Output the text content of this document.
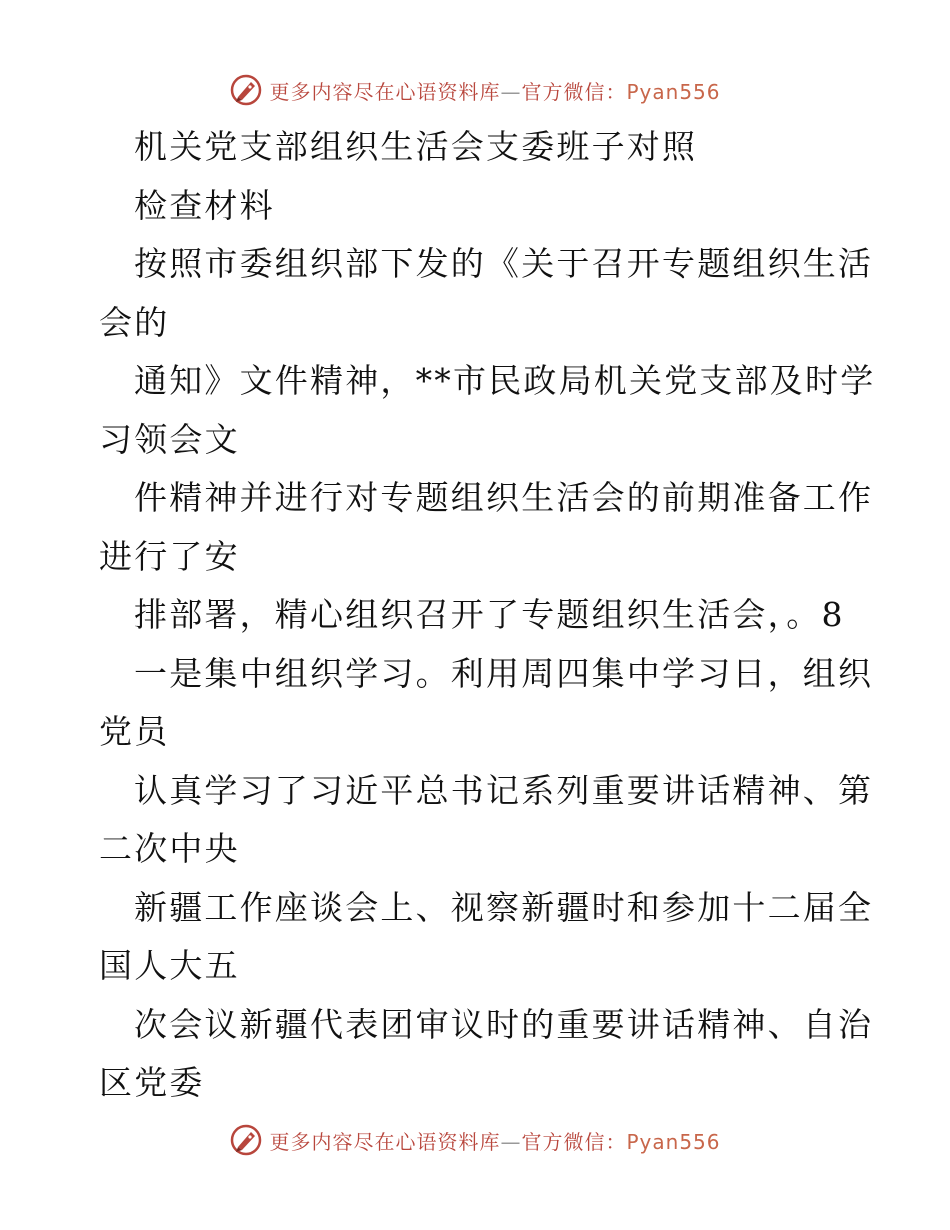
更多内容尽在心语资料库—官方微信：Pyan556
机关党支部组织生活会支委班子对照
检查材料
按照市委组织部下发的《关于召开专题组织生活
会的
通知》文件精神，**市民政局机关党支部及时学
习领会文
件精神并进行对专题组织生活会的前期准备工作
进行了安
排部署，精心组织召开了专题组织生活会，。8
一是集中组织学习。利用周四集中学习日，组织
党员
认真学习了习近平总书记系列重要讲话精神、第
二次中央
新疆工作座谈会上、视察新疆时和参加十二届全
国人大五
次会议新疆代表团审议时的重要讲话精神、自治
区党委
更多内容尽在心语资料库—官方微信：Pyan556
